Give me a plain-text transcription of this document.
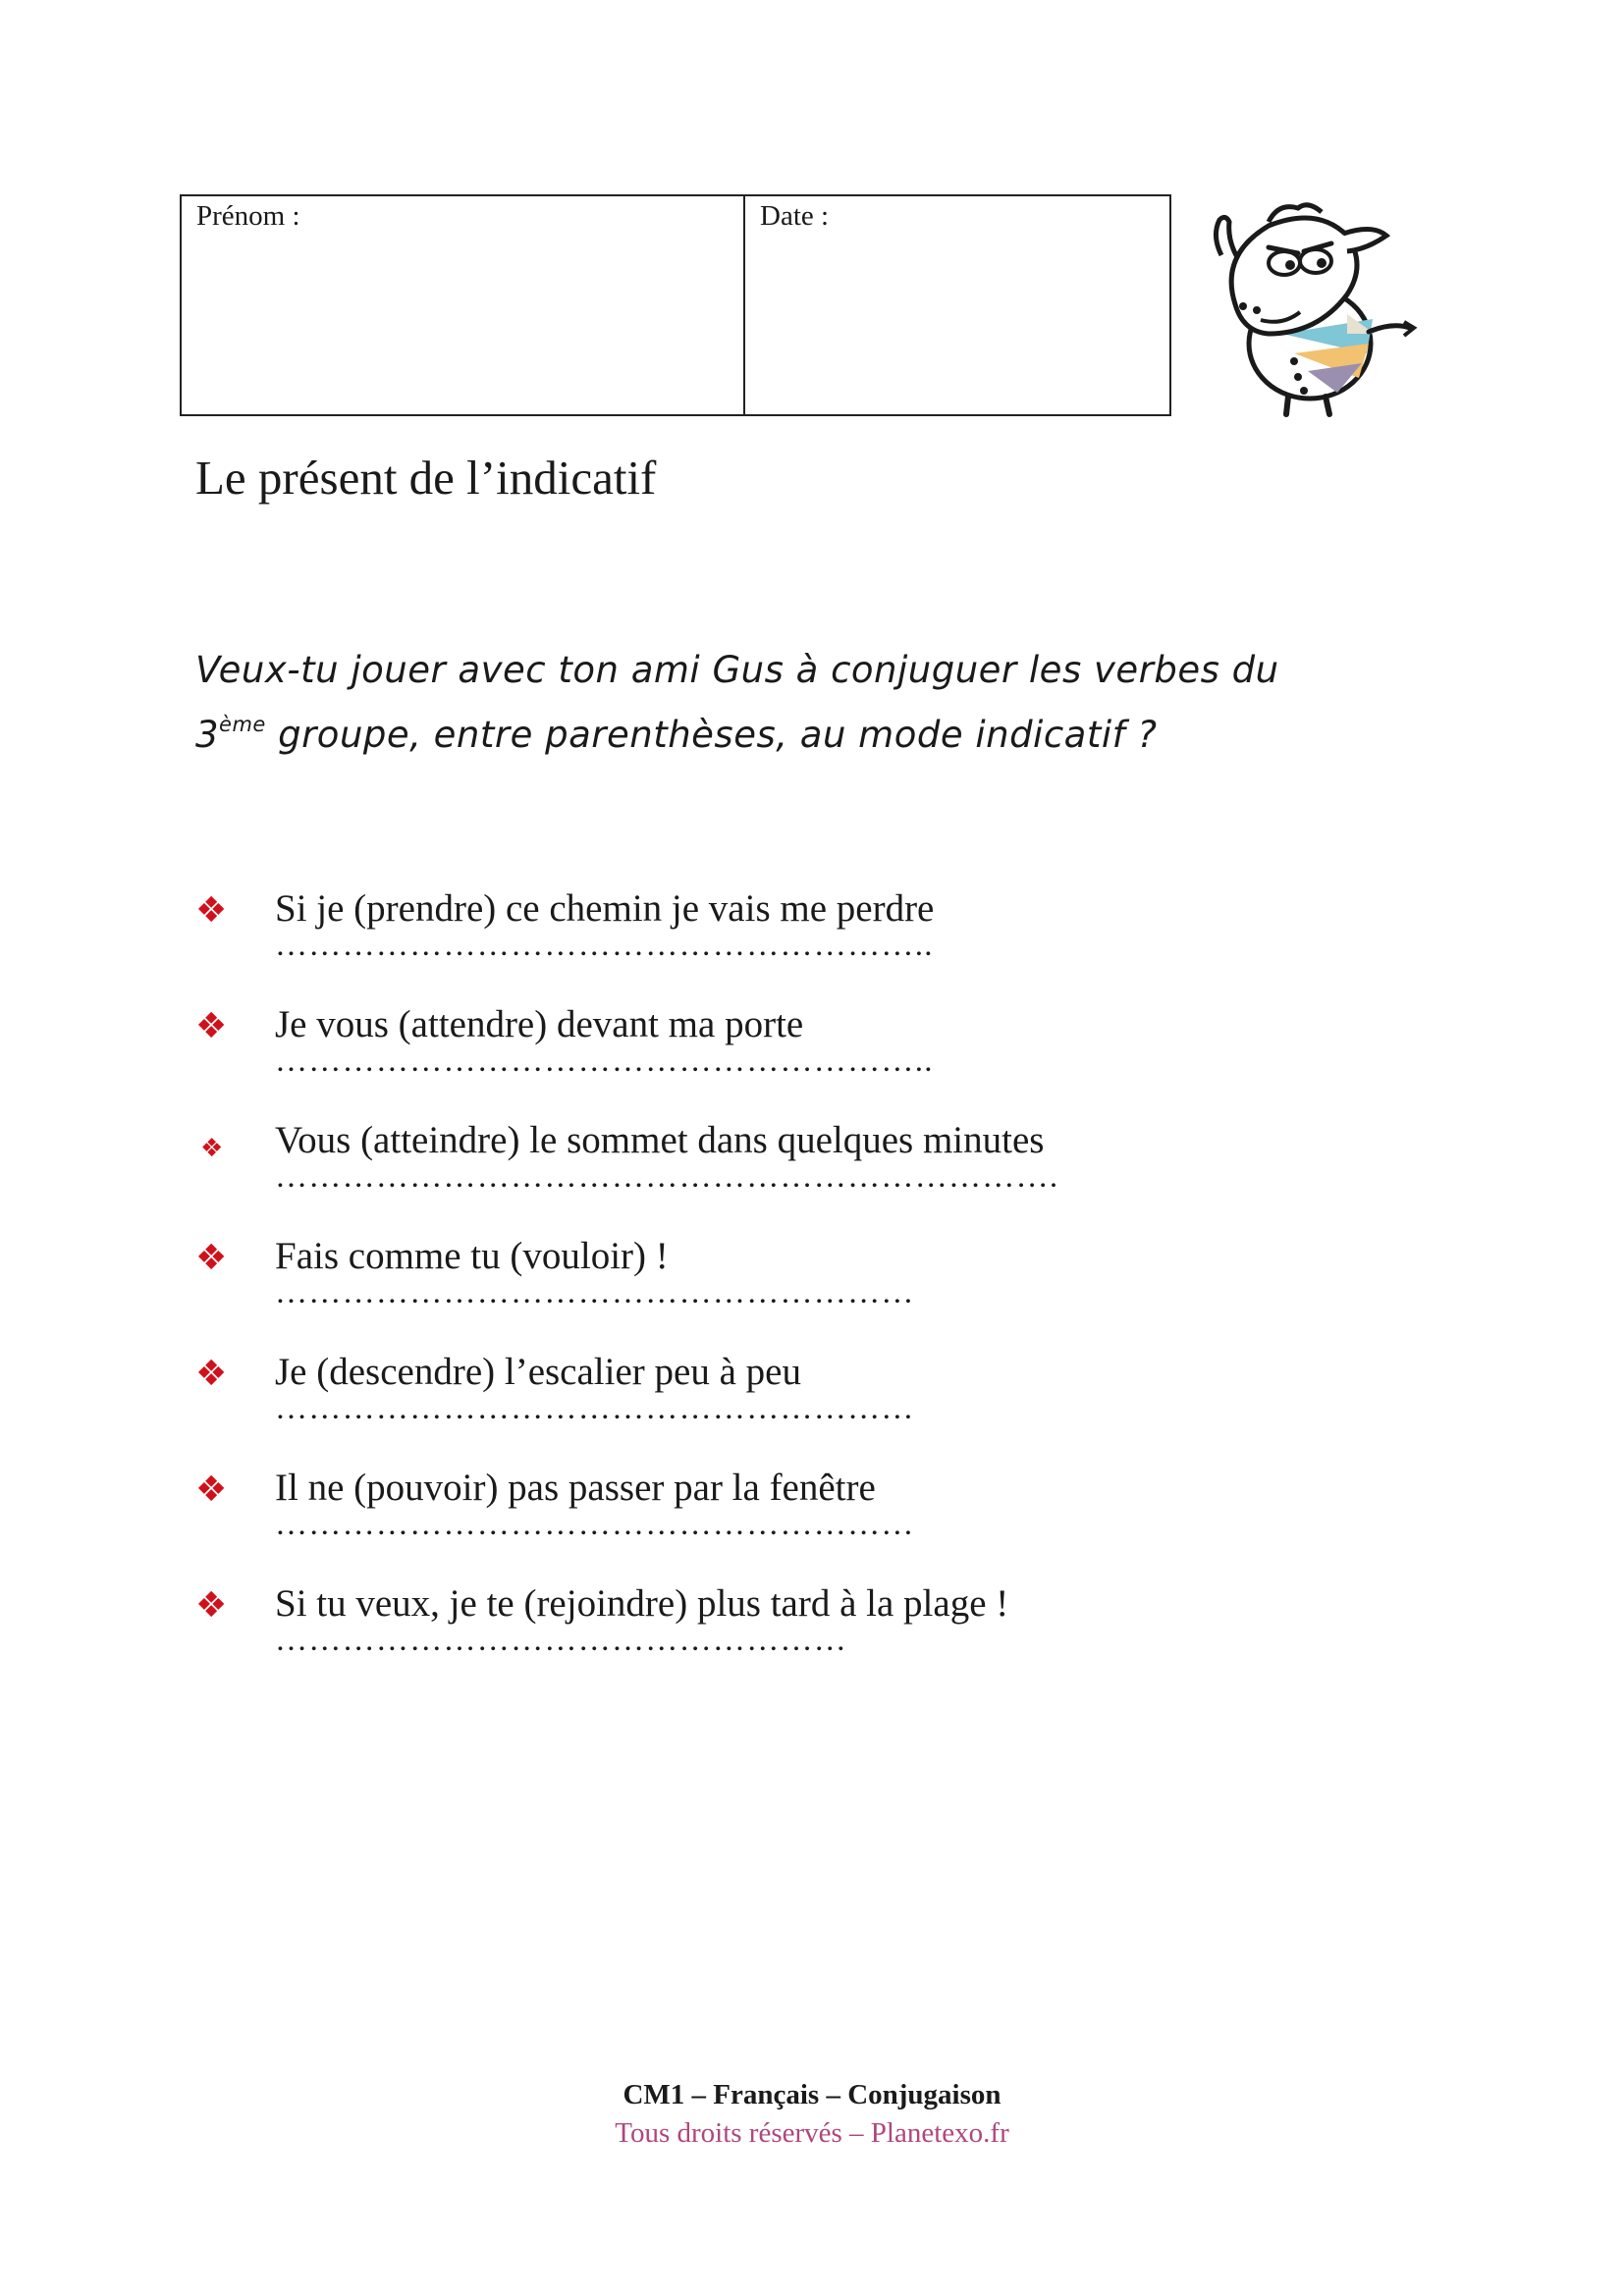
Prénom :	Date :
Le présent de l’indicatif
Veux-tu jouer avec ton ami Gus à conjuguer les verbes du
3ème groupe, entre parenthèses, au mode indicatif ?
❖ Si je (prendre) ce chemin je vais me perdre
…………………………………………………..
❖ Je vous (attendre) devant ma porte
…………………………………………………..
❖ Vous (atteindre) le sommet dans quelques minutes
…………………………………………………………….
❖ Fais comme tu (vouloir) !
…………………………………………………
❖ Je (descendre) l’escalier peu à peu
…………………………………………………
❖ Il ne (pouvoir) pas passer par la fenêtre
…………………………………………………
❖ Si tu veux, je te (rejoindre) plus tard à la plage !
……………………………………………
CM1 – Français – Conjugaison
Tous droits réservés – Planetexo.fr
